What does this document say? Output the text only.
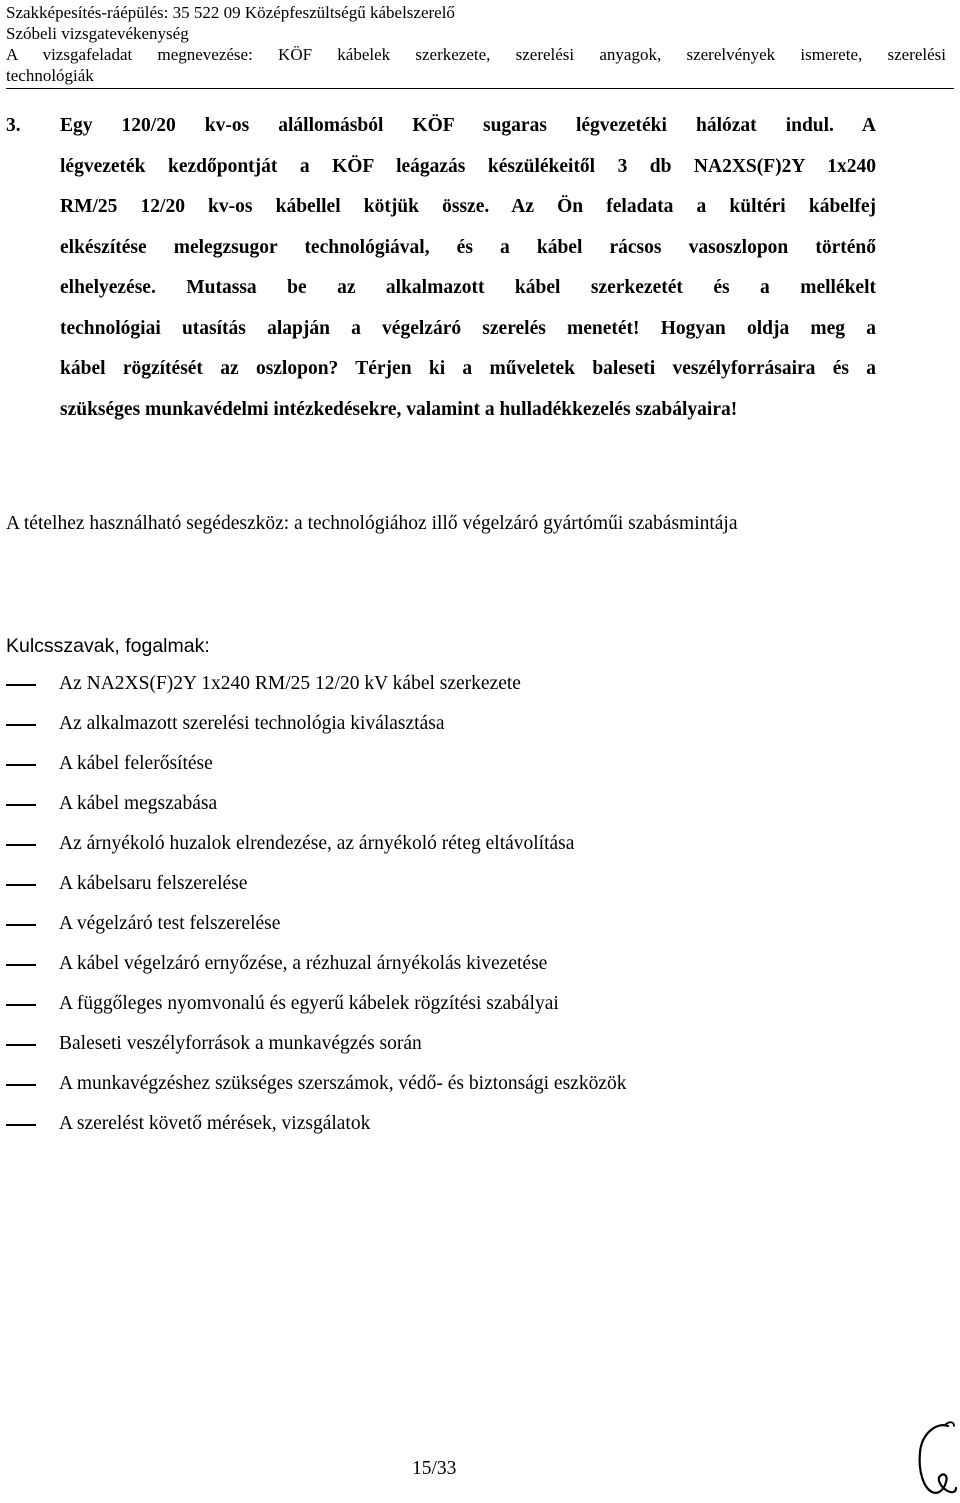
Szakképesítés-ráépülés: 35 522 09 Középfeszültségű kábelszerelő
Szóbeli vizsgatevékenység
A vizsgafeladat megnevezése: KÖF kábelek szerkezete, szerelési anyagok, szerelvények ismerete, szerelési
technológiák
3. Egy 120/20 kv-os alállomásból KÖF sugaras légvezetéki hálózat indul. A
légvezeték kezdőpontját a KÖF leágazás készülékeitől 3 db NA2XS(F)2Y 1x240
RM/25 12/20 kv-os kábellel kötjük össze. Az Ön feladata a kültéri kábelfej
elkészítése melegzsugor technológiával, és a kábel rácsos vasoszlopon történő
elhelyezése. Mutassa be az alkalmazott kábel szerkezetét és a mellékelt
technológiai utasítás alapján a végelzáró szerelés menetét! Hogyan oldja meg a
kábel rögzítését az oszlopon? Térjen ki a műveletek baleseti veszélyforrásaira és a
szükséges munkavédelmi intézkedésekre, valamint a hulladékkezelés szabályaira!
A tételhez használható segédeszköz: a technológiához illő végelzáró gyártóműi szabásmintája
Kulcsszavak, fogalmak:
Az NA2XS(F)2Y 1x240 RM/25 12/20 kV kábel szerkezete
Az alkalmazott szerelési technológia kiválasztása
A kábel felerősítése
A kábel megszabása
Az árnyékoló huzalok elrendezése, az árnyékoló réteg eltávolítása
A kábelsaru felszerelése
A végelzáró test felszerelése
A kábel végelzáró ernyőzése, a rézhuzal árnyékolás kivezetése
A függőleges nyomvonalú és egyerű kábelek rögzítési szabályai
Baleseti veszélyforrások a munkavégzés során
A munkavégzéshez szükséges szerszámok, védő- és biztonsági eszközök
A szerelést követő mérések, vizsgálatok
15/33
